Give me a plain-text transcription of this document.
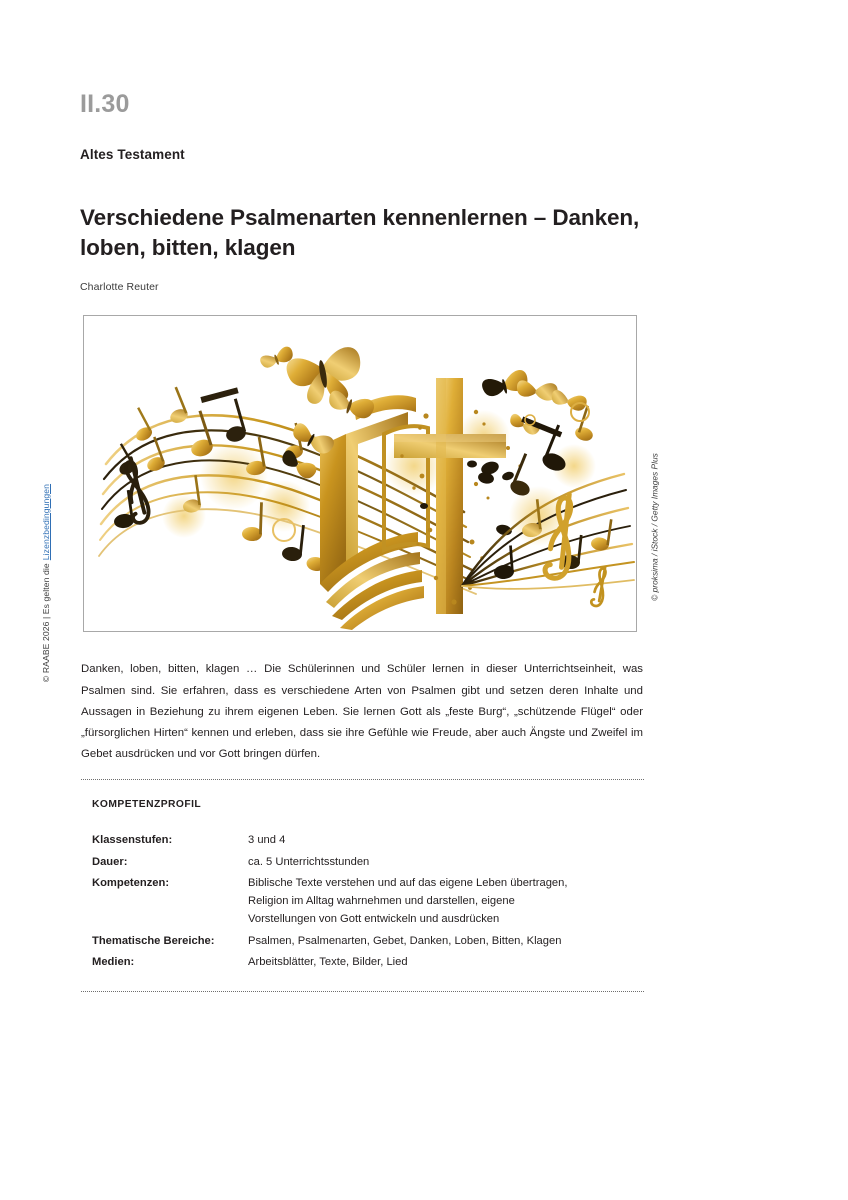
© RAABE 2026 | Es gelten die
Lizenzbedingungen
II.30
Altes Testament
Verschiedene Psalmenarten kennenlernen – Danken, loben, bitten, klagen
Charlotte Reuter
© proksima / iStock / Getty Images Plus

Danken, loben, bitten, klagen … Die Schülerinnen und Schüler lernen in dieser Unterrichtseinheit, was Psalmen sind. Sie erfahren, dass es verschiedene Arten von Psalmen gibt und setzen deren Inhalte und Aussagen in Beziehung zu ihrem eigenen Leben. Sie lernen Gott als „feste Burg“, „schützende Flügel“ oder „fürsorglichen Hirten“ kennen und erleben, dass sie ihre Gefühle wie Freude, aber auch Ängste und Zweifel im Gebet ausdrücken und vor Gott bringen dürfen.

KOMPETENZPROFIL
Klassenstufen:	3 und 4

Dauer:	ca. 5 Unterrichtsstunden

Kompetenzen:	Biblische Texte verstehen und auf das eigene Leben übertragen,
Religion im Alltag wahrnehmen und darstellen, eigene
Vorstellungen von Gott entwickeln und ausdrücken

Thematische Bereiche:	Psalmen, Psalmenarten, Gebet, Danken, Loben, Bitten, Klagen

Medien:	Arbeitsblätter, Texte, Bilder, Lied
